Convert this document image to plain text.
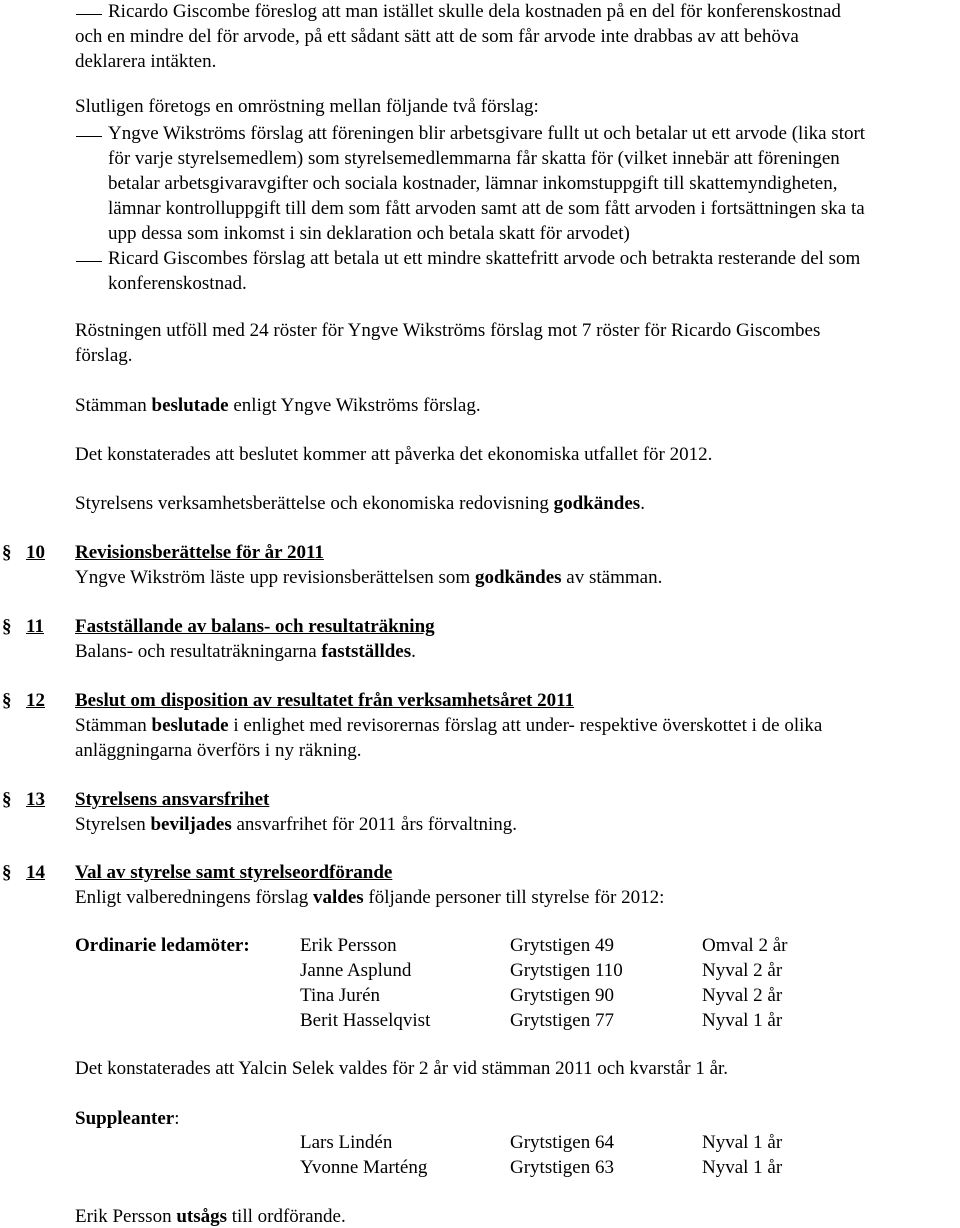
Ricardo Giscombe föreslog att man istället skulle dela kostnaden på en del för konferenskostnad
och en mindre del för arvode, på ett sådant sätt att de som får arvode inte drabbas av att behöva
deklarera intäkten.
Slutligen företogs en omröstning mellan följande två förslag:
Yngve Wikströms förslag att föreningen blir arbetsgivare fullt ut och betalar ut ett arvode (lika stort
för varje styrelsemedlem) som styrelsemedlemmarna får skatta för (vilket innebär att föreningen
betalar arbetsgivaravgifter och sociala kostnader, lämnar inkomstuppgift till skattemyndigheten,
lämnar kontrolluppgift till dem som fått arvoden samt att de som fått arvoden i fortsättningen ska ta
upp dessa som inkomst i sin deklaration och betala skatt för arvodet)
Ricard Giscombes förslag att betala ut ett mindre skattefritt arvode och betrakta resterande del som
konferenskostnad.
Röstningen utföll med 24 röster för Yngve Wikströms förslag mot 7 röster för Ricardo Giscombes
förslag.
Stämman beslutade enligt Yngve Wikströms förslag.
Det konstaterades att beslutet kommer att påverka det ekonomiska utfallet för 2012.
Styrelsens verksamhetsberättelse och ekonomiska redovisning godkändes.
§ 10 Revisionsberättelse för år 2011
Yngve Wikström läste upp revisionsberättelsen som godkändes av stämman.
§ 11 Fastställande av balans- och resultaträkning
Balans- och resultaträkningarna fastställdes.
§ 12 Beslut om disposition av resultatet från verksamhetsåret 2011
Stämman beslutade i enlighet med revisorernas förslag att under- respektive överskottet i de olika
anläggningarna överförs i ny räkning.
§ 13 Styrelsens ansvarsfrihet
Styrelsen beviljades ansvarfrihet för 2011 års förvaltning.
§ 14 Val av styrelse samt styrelseordförande
Enligt valberedningens förslag valdes följande personer till styrelse för 2012:
Ordinarie ledamöter:	Erik Persson	Grytstigen 49	Omval 2 år
Janne Asplund	Grytstigen 110	Nyval 2 år
Tina Jurén	Grytstigen 90	Nyval 2 år
Berit Hasselqvist	Grytstigen 77	Nyval 1 år
Det konstaterades att Yalcin Selek valdes för 2 år vid stämman 2011 och kvarstår 1 år.
Suppleanter:
Lars Lindén	Grytstigen 64	Nyval 1 år
Yvonne Marténg	Grytstigen 63	Nyval 1 år
Erik Persson utsågs till ordförande.
